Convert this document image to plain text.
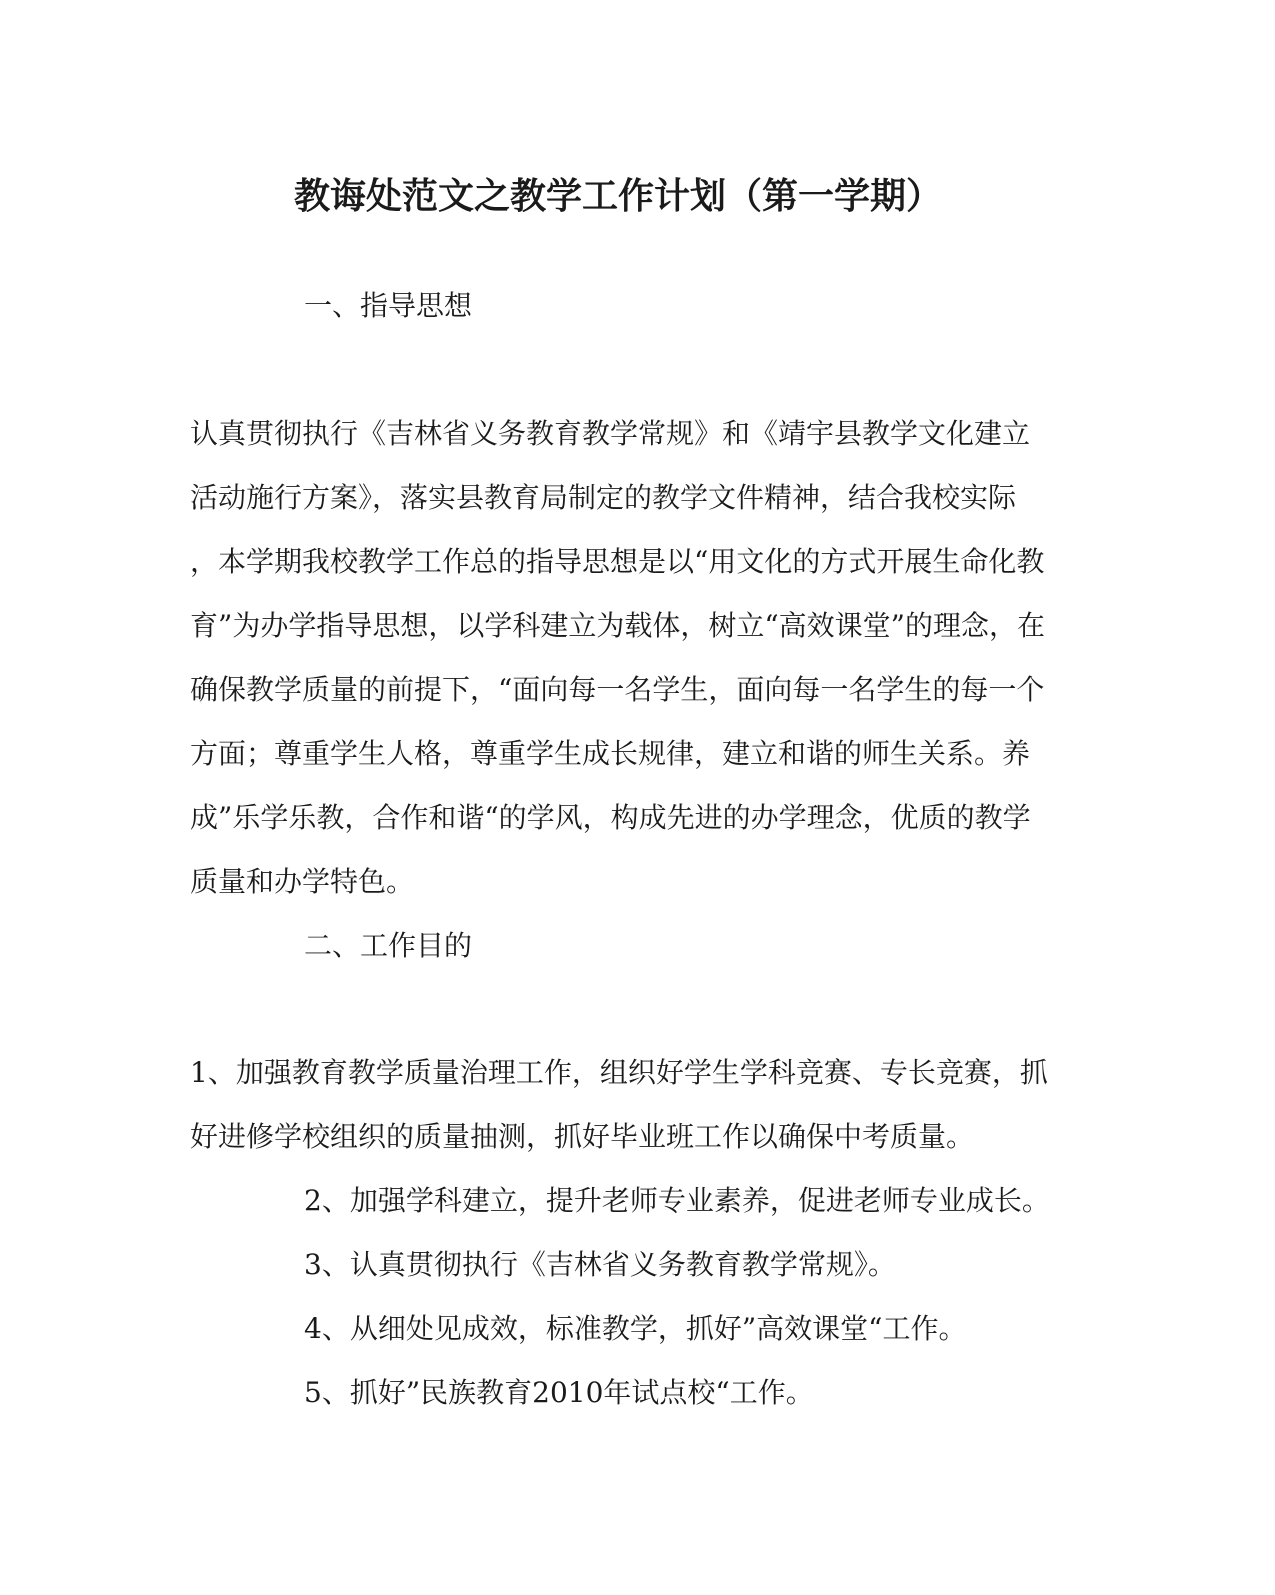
教诲处范文之教学工作计划（第一学期）
一、指导思想
认真贯彻执行《吉林省义务教育教学常规》和《靖宇县教学文化建立
活动施行方案》，落实县教育局制定的教学文件精神，结合我校实际
，本学期我校教学工作总的指导思想是以“用文化的方式开展生命化教
育”为办学指导思想，以学科建立为载体，树立“高效课堂”的理念，在
确保教学质量的前提下，“面向每一名学生，面向每一名学生的每一个
方面；尊重学生人格，尊重学生成长规律，建立和谐的师生关系。养
成”乐学乐教，合作和谐“的学风，构成先进的办学理念，优质的教学
质量和办学特色。
二、工作目的
1、加强教育教学质量治理工作，组织好学生学科竞赛、专长竞赛，抓
好进修学校组织的质量抽测，抓好毕业班工作以确保中考质量。
2、加强学科建立，提升老师专业素养，促进老师专业成长。
3、认真贯彻执行《吉林省义务教育教学常规》。
4、从细处见成效，标准教学，抓好”高效课堂“工作。
5、抓好”民族教育2010年试点校“工作。
